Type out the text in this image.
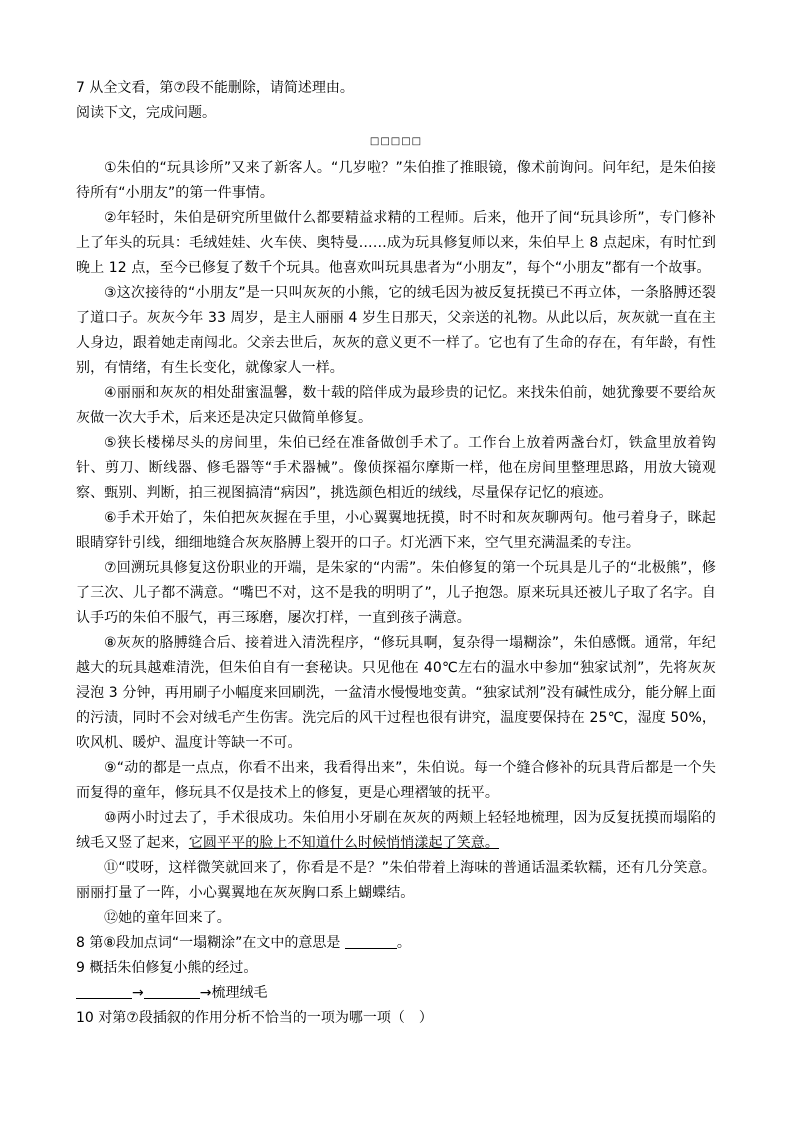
7 从全文看，第⑦段不能删除，请简述理由。

阅读下文，完成问题。

□□□□□

①朱伯的“玩具诊所”又来了新客人。“几岁啦？”朱伯推了推眼镜，像术前询问。问年纪，是朱伯接待所有“小朋友”的第一件事情。

②年轻时，朱伯是研究所里做什么都要精益求精的工程师。后来，他开了间“玩具诊所”，专门修补上了年头的玩具：毛绒娃娃、火车侠、奥特曼……成为玩具修复师以来，朱伯早上 8 点起床，有时忙到晚上 12 点，至今已修复了数千个玩具。他喜欢叫玩具患者为“小朋友”，每个“小朋友”都有一个故事。

③这次接待的“小朋友”是一只叫灰灰的小熊，它的绒毛因为被反复抚摸已不再立体，一条胳膊还裂了道口子。灰灰今年 33 周岁，是主人丽丽 4 岁生日那天，父亲送的礼物。从此以后，灰灰就一直在主人身边，跟着她走南闯北。父亲去世后，灰灰的意义更不一样了。它也有了生命的存在，有年龄，有性别，有情绪，有生长变化，就像家人一样。

④丽丽和灰灰的相处甜蜜温馨，数十载的陪伴成为最珍贵的记忆。来找朱伯前，她犹豫要不要给灰灰做一次大手术，后来还是决定只做简单修复。

⑤狭长楼梯尽头的房间里，朱伯已经在准备做创手术了。工作台上放着两盏台灯，铁盒里放着钩针、剪刀、断线器、修毛器等“手术器械”。像侦探福尔摩斯一样，他在房间里整理思路，用放大镜观察、甄别、判断，拍三视图搞清“病因”，挑选颜色相近的绒线，尽量保存记忆的痕迹。

⑥手术开始了，朱伯把灰灰握在手里，小心翼翼地抚摸，时不时和灰灰聊两句。他弓着身子，眯起眼睛穿针引线，细细地缝合灰灰胳膊上裂开的口子。灯光洒下来，空气里充满温柔的专注。

⑦回溯玩具修复这份职业的开端，是朱家的“内需”。朱伯修复的第一个玩具是儿子的“北极熊”，修了三次、儿子都不满意。“嘴巴不对，这不是我的明明了”，儿子抱怨。原来玩具还被儿子取了名字。自认手巧的朱伯不服气，再三琢磨，屡次打样，一直到孩子满意。

⑧灰灰的胳膊缝合后、接着进入清洗程序，“修玩具啊，复杂得一塌糊涂”，朱伯感慨。通常，年纪越大的玩具越难清洗，但朱伯自有一套秘诀。只见他在 40℃左右的温水中参加“独家试剂”，先将灰灰浸泡 3 分钟，再用刷子小幅度来回刷洗，一盆清水慢慢地变黄。“独家试剂”没有碱性成分，能分解上面的污渍，同时不会对绒毛产生伤害。洗完后的风干过程也很有讲究，温度要保持在 25℃，湿度 50%，吹风机、暖炉、温度计等缺一不可。

⑨“动的都是一点点，你看不出来，我看得出来”，朱伯说。每一个缝合修补的玩具背后都是一个失而复得的童年，修玩具不仅是技术上的修复，更是心理褶皱的抚平。

⑩两小时过去了，手术很成功。朱伯用小牙刷在灰灰的两颊上轻轻地梳理，因为反复抚摸而塌陷的绒毛又竖了起来，它圆平平的脸上不知道什么时候悄悄漾起了笑意。

⑪“哎呀，这样微笑就回来了，你看是不是？”朱伯带着上海味的普通话温柔软糯，还有几分笑意。丽丽打量了一阵，小心翼翼地在灰灰胸口系上蝴蝶结。

⑫她的童年回来了。

8 第⑧段加点词“一塌糊涂”在文中的意思是	。

9 概括朱伯修复小熊的经过。

→	→梳理绒毛

10 对第⑦段插叙的作用分析不恰当的一项为哪一项（　）
